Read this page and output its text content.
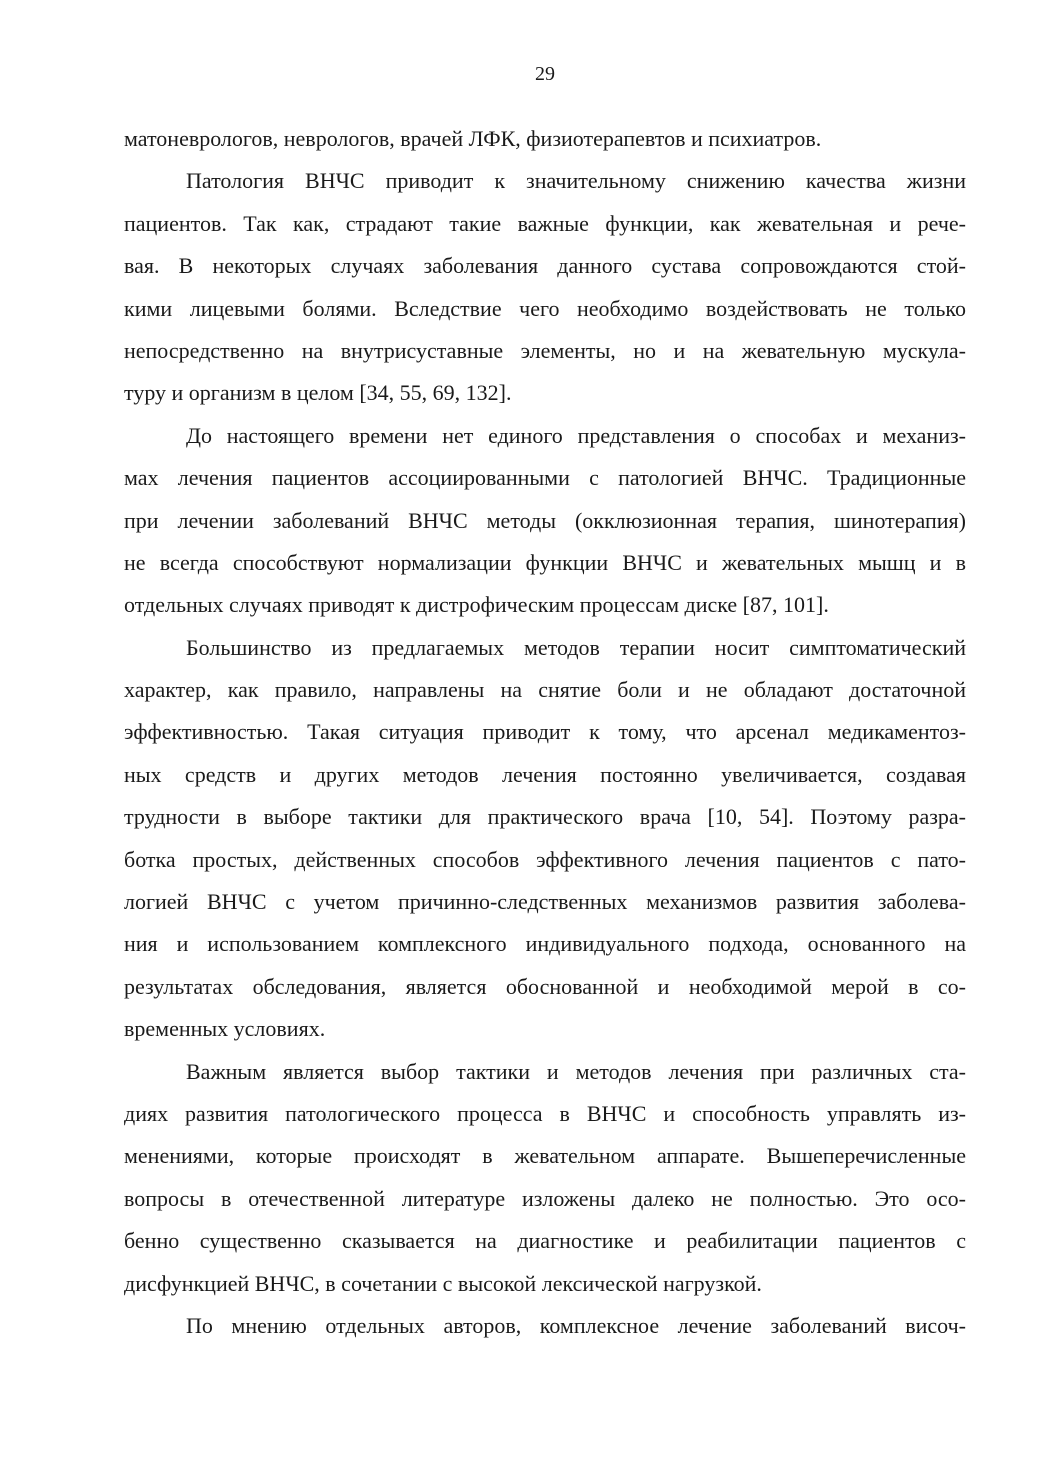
29
матоневрологов, неврологов, врачей ЛФК, физиотерапевтов и психиатров.
Патология ВНЧС приводит к значительному снижению качества жизни
пациентов. Так как, страдают такие важные функции, как жевательная и рече-
вая. В некоторых случаях заболевания данного сустава сопровождаются стой-
кими лицевыми болями. Вследствие чего необходимо воздействовать не только
непосредственно на внутрисуставные элементы, но и на жевательную мускула-
туру и организм в целом [34, 55, 69, 132].
До настоящего времени нет единого представления о способах и механиз-
мах лечения пациентов ассоциированными с патологией ВНЧС. Традиционные
при лечении заболеваний ВНЧС методы (окклюзионная терапия, шинотерапия)
не всегда способствуют нормализации функции ВНЧС и жевательных мышц и в
отдельных случаях приводят к дистрофическим процессам диске [87, 101].
Большинство из предлагаемых методов терапии носит симптоматический
характер, как правило, направлены на снятие боли и не обладают достаточной
эффективностью. Такая ситуация приводит к тому, что арсенал медикаментоз-
ных средств и других методов лечения постоянно увеличивается, создавая
трудности в выборе тактики для практического врача [10, 54]. Поэтому разра-
ботка простых, действенных способов эффективного лечения пациентов с пато-
логией ВНЧС с учетом причинно-следственных механизмов развития заболева-
ния и использованием комплексного индивидуального подхода, основанного на
результатах обследования, является обоснованной и необходимой мерой в со-
временных условиях.
Важным является выбор тактики и методов лечения при различных ста-
диях развития патологического процесса в ВНЧС и способность управлять из-
менениями, которые происходят в жевательном аппарате. Вышеперечисленные
вопросы в отечественной литературе изложены далеко не полностью. Это осо-
бенно существенно сказывается на диагностике и реабилитации пациентов с
дисфункцией ВНЧС, в сочетании с высокой лексической нагрузкой.
По мнению отдельных авторов, комплексное лечение заболеваний височ-
